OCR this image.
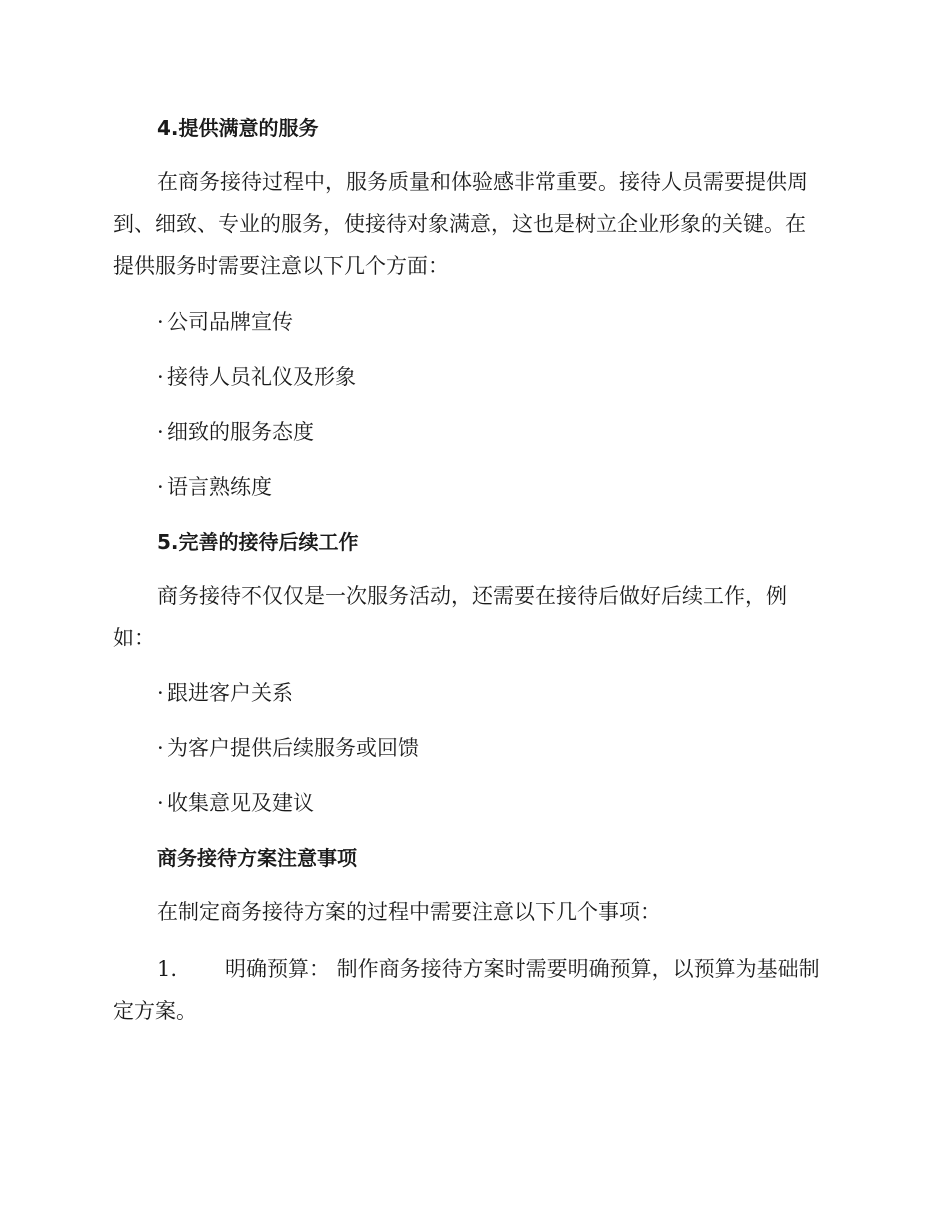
4.提供满意的服务
在商务接待过程中，服务质量和体验感非常重要。接待人员需要提供周
到、细致、专业的服务，使接待对象满意，这也是树立企业形象的关键。在
提供服务时需要注意以下几个方面：
· 公司品牌宣传
· 接待人员礼仪及形象
· 细致的服务态度
· 语言熟练度
5.完善的接待后续工作
商务接待不仅仅是一次服务活动，还需要在接待后做好后续工作，例
如：
· 跟进客户关系
· 为客户提供后续服务或回馈
· 收集意见及建议
商务接待方案注意事项
在制定商务接待方案的过程中需要注意以下几个事项：
1. 明确预算： 制作商务接待方案时需要明确预算，以预算为基础制
定方案。
